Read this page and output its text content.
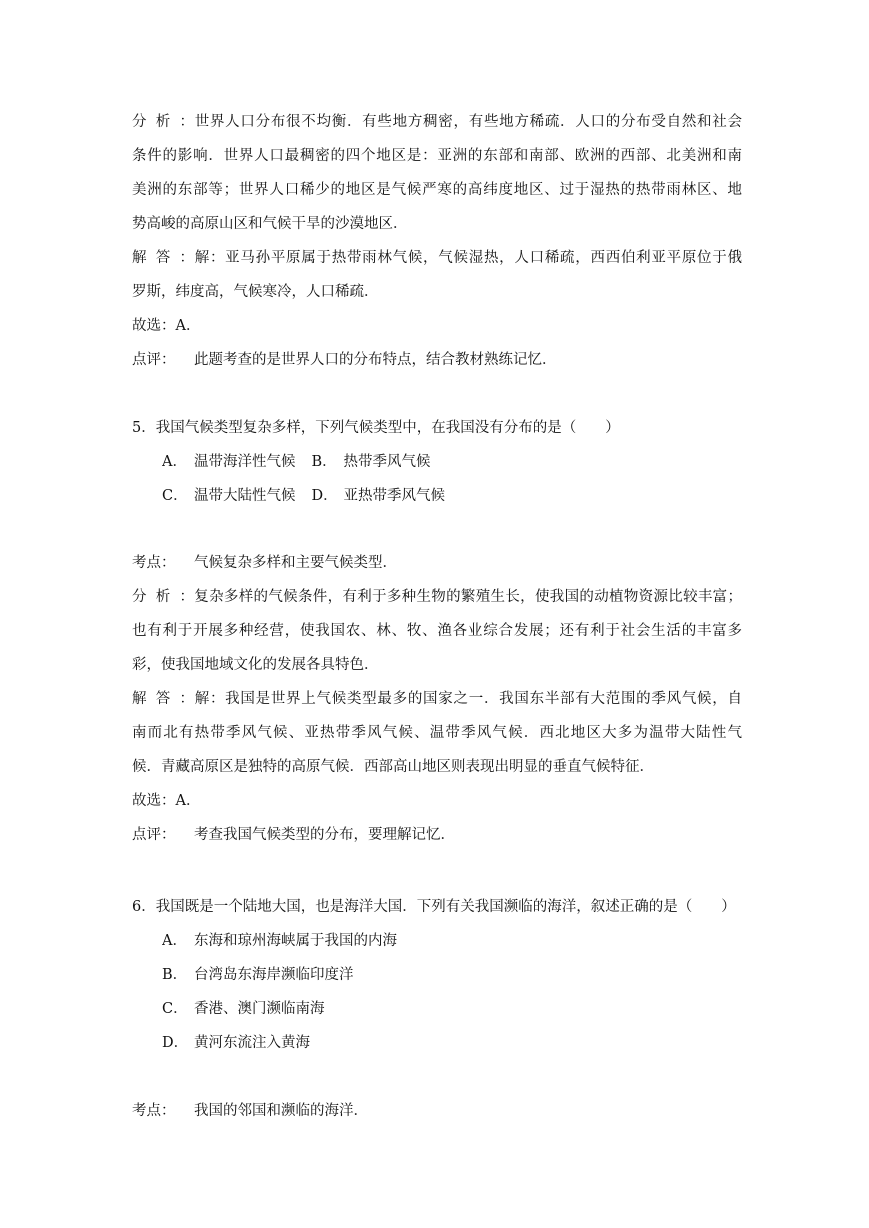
分析：世界人口分布很不均衡．有些地方稠密，有些地方稀疏．人口的分布受自然和社会
条件的影响．世界人口最稠密的四个地区是：亚洲的东部和南部、欧洲的西部、北美洲和南
美洲的东部等；世界人口稀少的地区是气候严寒的高纬度地区、过于湿热的热带雨林区、地
势高峻的高原山区和气候干旱的沙漠地区．
解答：解：亚马孙平原属于热带雨林气候，气候湿热，人口稀疏，西西伯利亚平原位于俄
罗斯，纬度高，气候寒冷，人口稀疏．
故选：A．
点评： 此题考查的是世界人口的分布特点，结合教材熟练记忆．
5．我国气候类型复杂多样，下列气候类型中，在我国没有分布的是（　　）
A． 温带海洋性气候 B． 热带季风气候
C． 温带大陆性气候 D． 亚热带季风气候
考点： 气候复杂多样和主要气候类型．
分析：复杂多样的气候条件，有利于多种生物的繁殖生长，使我国的动植物资源比较丰富；
也有利于开展多种经营，使我国农、林、牧、渔各业综合发展；还有利于社会生活的丰富多
彩，使我国地域文化的发展各具特色．
解答：解：我国是世界上气候类型最多的国家之一．我国东半部有大范围的季风气候，自
南而北有热带季风气候、亚热带季风气候、温带季风气候．西北地区大多为温带大陆性气
候．青藏高原区是独特的高原气候．西部高山地区则表现出明显的垂直气候特征．
故选：A．
点评： 考查我国气候类型的分布，要理解记忆．
6．我国既是一个陆地大国，也是海洋大国．下列有关我国濒临的海洋，叙述正确的是（　　）
A． 东海和琼州海峡属于我国的内海
B． 台湾岛东海岸濒临印度洋
C． 香港、澳门濒临南海
D． 黄河东流注入黄海
考点： 我国的邻国和濒临的海洋．
